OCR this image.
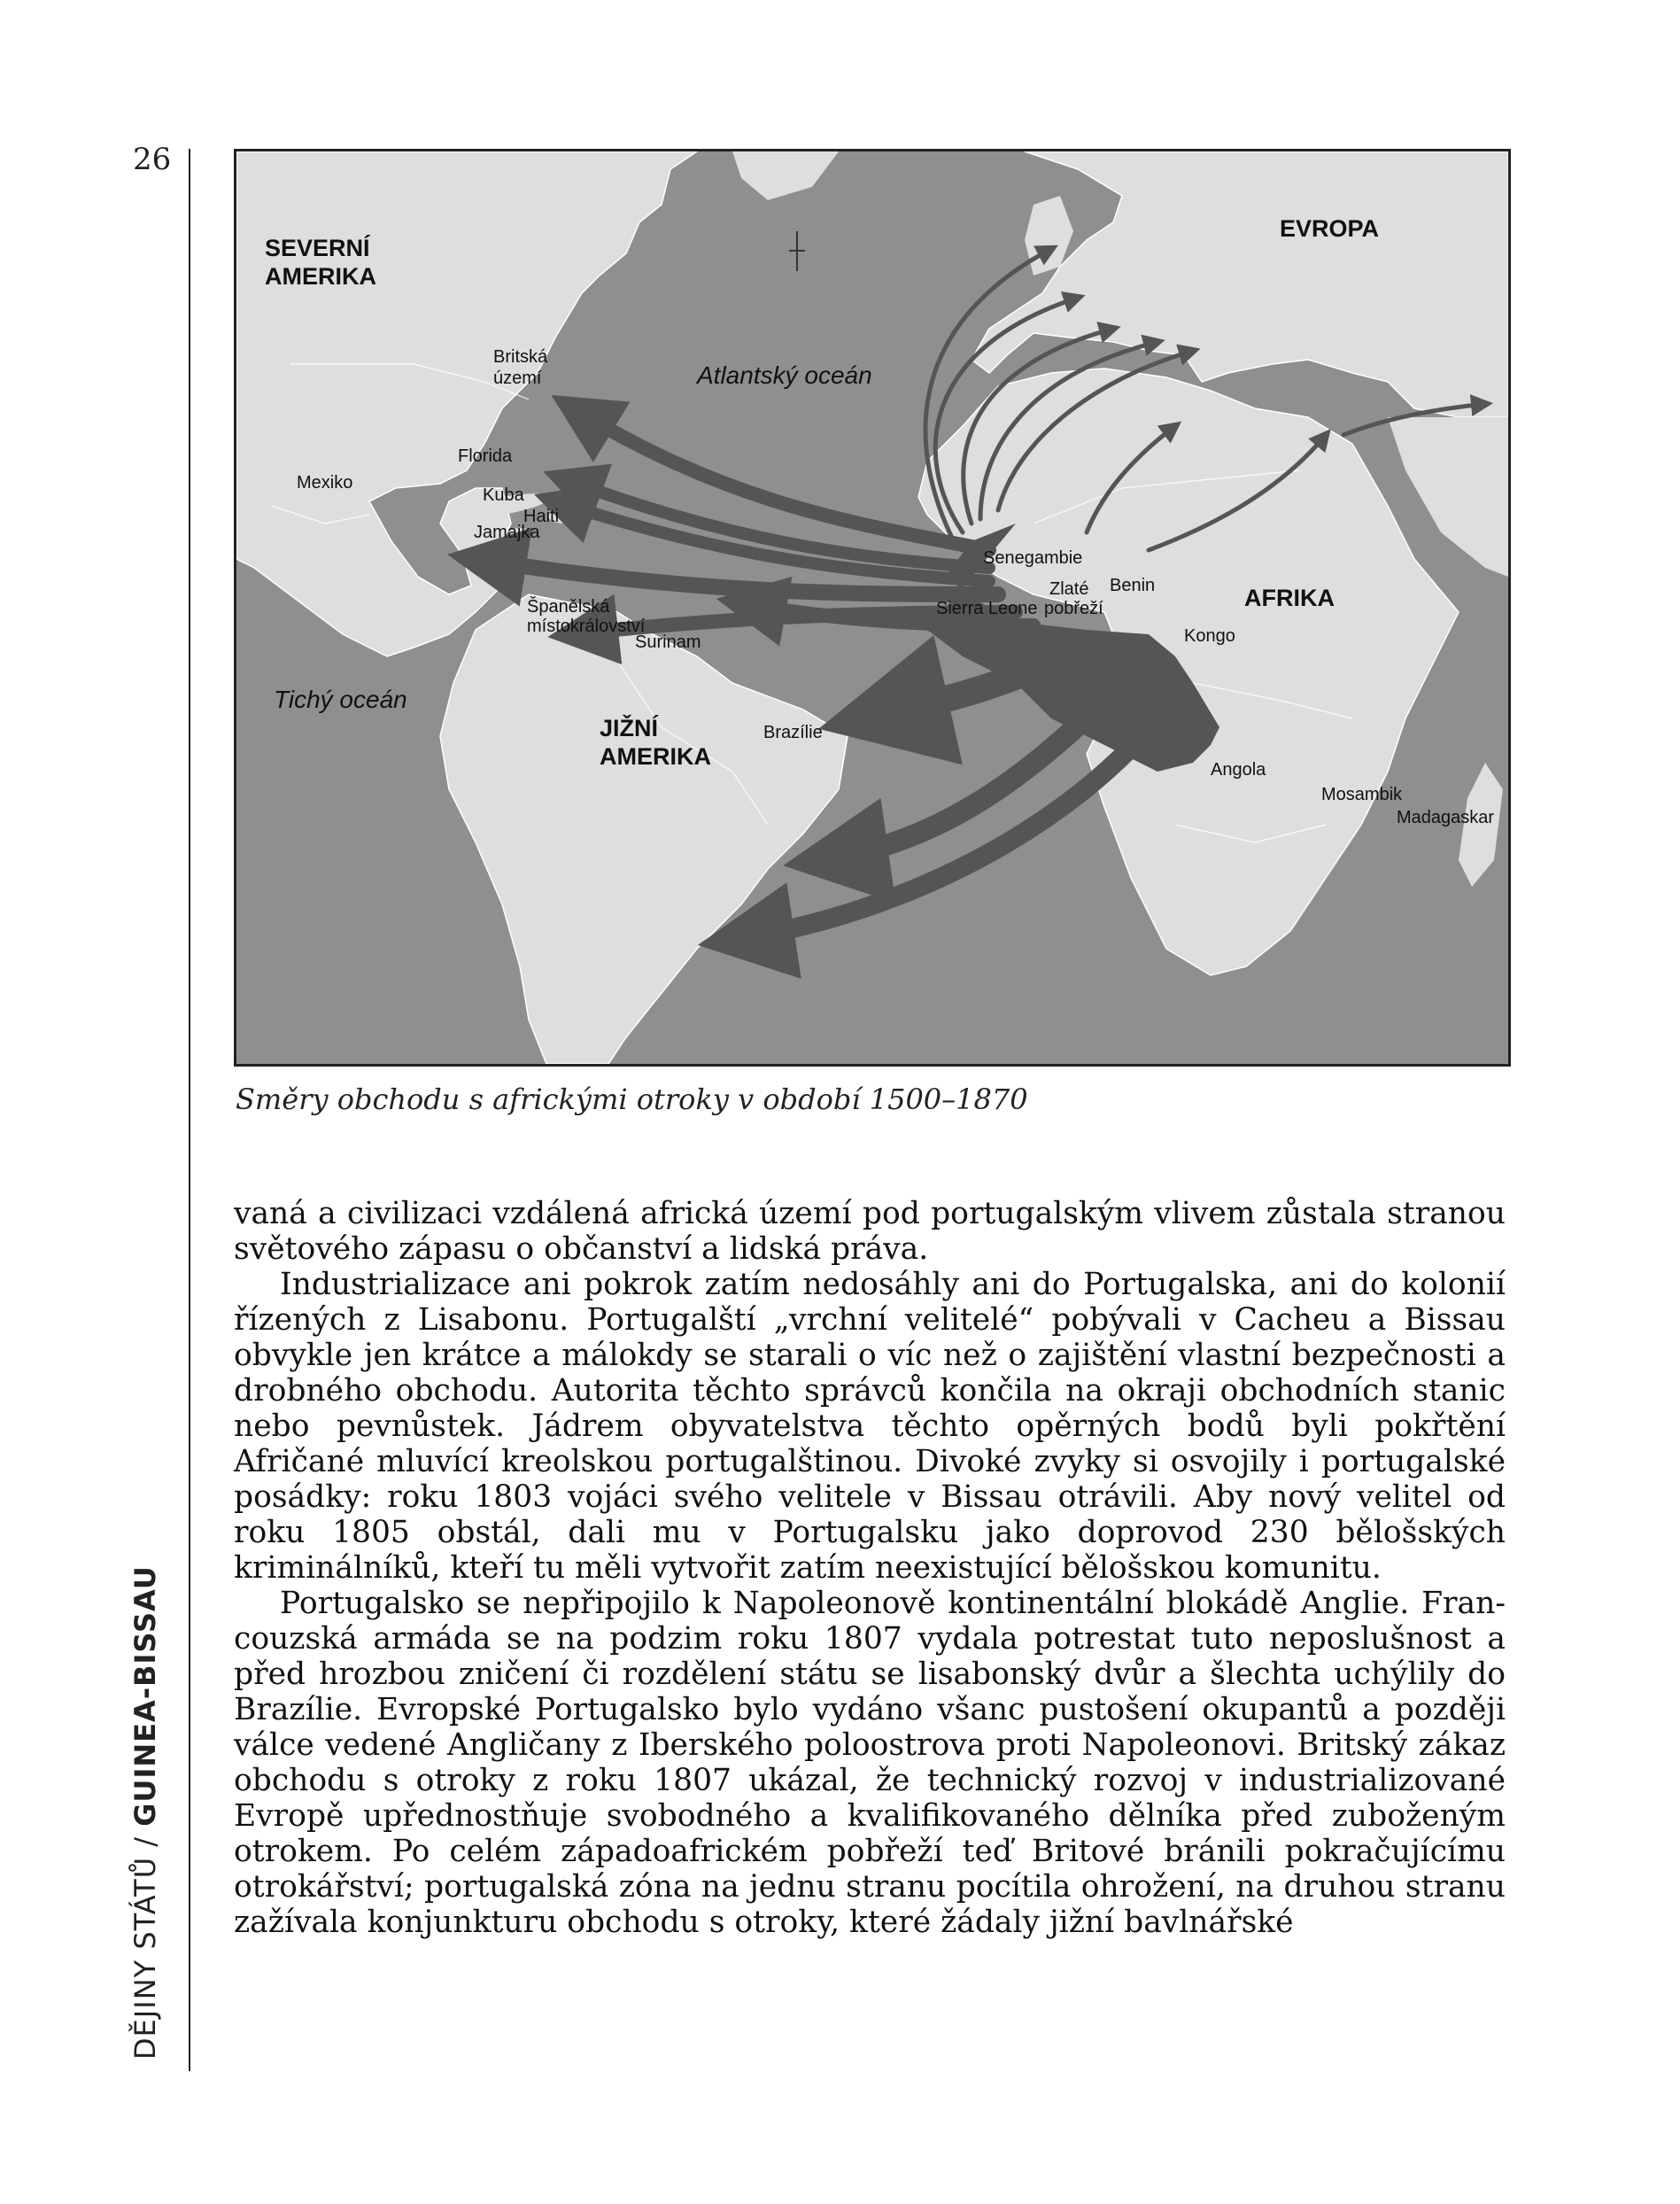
26
DĚJINY STÁTŮ / GUINEA-BISSAU
SEVERNÍ AMERIKA
EVROPA
Britská území	Atlantský oceán
Florida
Mexiko
Kuba
Haiti
Jamajka
Senegambie
Zlaté pobřeží
Benin
Sierra Leone	AFRIKA
Španělská místokrálovství
Surinam	Kongo
Tichý oceán
JIŽNÍ AMERIKA
Brazílie
Angola
Mosambik
Madagaskar
Směry obchodu s africkými otroky v období 1500–1870

vaná a civilizaci vzdálená africká území pod portugalským vlivem zůstala stranou světového zápasu o občanství a lidská práva.

Industrializace ani pokrok zatím nedosáhly ani do Portugalska, ani do kolonií řízených z Lisabonu. Portugalští „vrchní velitelé“ pobývali v Cacheu a Bissau obvykle jen krátce a málokdy se starali o víc než o zajištění vlastní bezpečnosti a drobného obchodu. Autorita těchto správců končila na okraji obchodních stanic nebo pevnůstek. Jádrem obyvatelstva těchto opěrných bodů byli pokřtění Afričané mluvící kreolskou portugalštinou. Divoké zvyky si osvojily i portugalské posádky: roku 1803 vojáci svého velitele v Bissau otrávili. Aby nový velitel od roku 1805 obstál, dali mu v Portugalsku jako doprovod 230 bělošských kriminálníků, kteří tu měli vytvořit zatím neexistující bělošskou komunitu.

Portugalsko se nepřipojilo k Napoleonově kontinentální blokádě Anglie. Francouzská armáda se na podzim roku 1807 vydala potrestat tuto neposlušnost a před hrozbou zničení či rozdělení státu se lisabonský dvůr a šlechta uchýlily do Brazílie. Evropské Portugalsko bylo vydáno všanc pustošení okupantů a později válce vedené Angličany z Iberského poloostrova proti Napoleonovi. Britský zákaz obchodu s otroky z roku 1807 ukázal, že technický rozvoj v industrializované Evropě upřednostňuje svobodného a kvalifikovaného dělníka před zuboženým otrokem. Po celém západoafrickém pobřeží teď Britové bránili pokračujícímu otrokářství; portugalská zóna na jednu stranu pocítila ohrožení, na druhou stranu zažívala konjunkturu obchodu s otroky, které žádaly jižní bavlnářské
